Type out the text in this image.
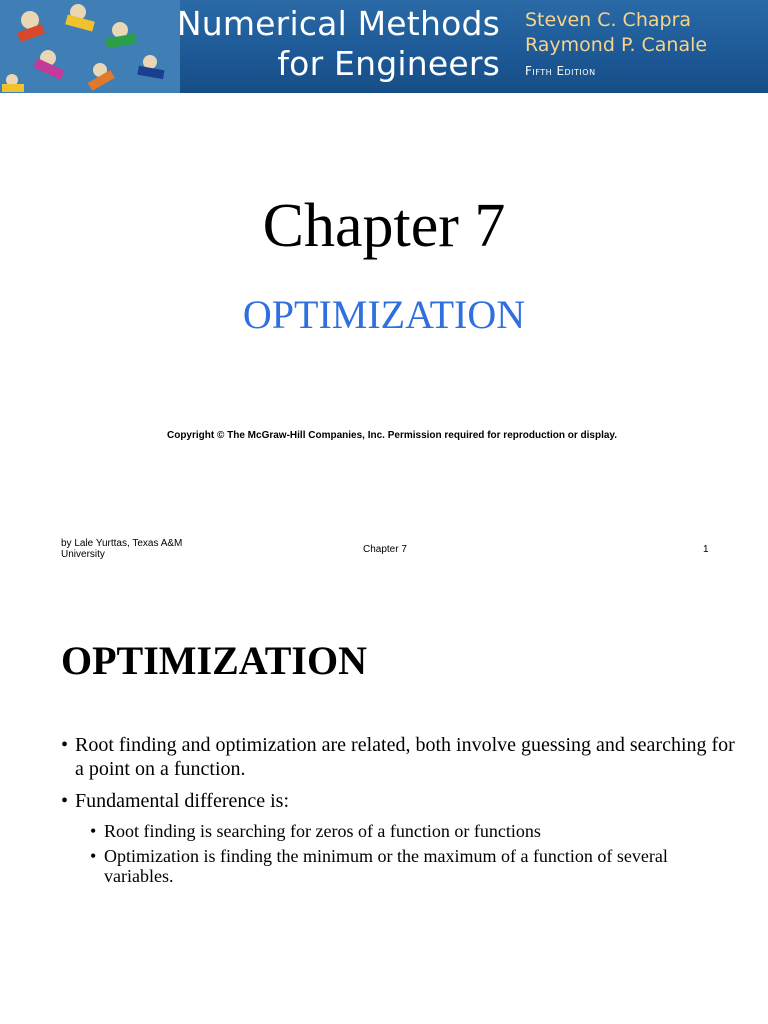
Numerical Methods
for Engineers
Steven C. Chapra
Raymond P. Canale
Fifth Edition
Chapter 7
OPTIMIZATION
Copyright © The McGraw-Hill Companies, Inc. Permission required for reproduction or display.
by Lale Yurttas, Texas A&M University	Chapter 7	1
OPTIMIZATION
• Root finding and optimization are related, both involve guessing and searching for a point on a function.
• Fundamental difference is:
• Root finding is searching for zeros of a function or functions
• Optimization is finding the minimum or the maximum of a function of several variables.
